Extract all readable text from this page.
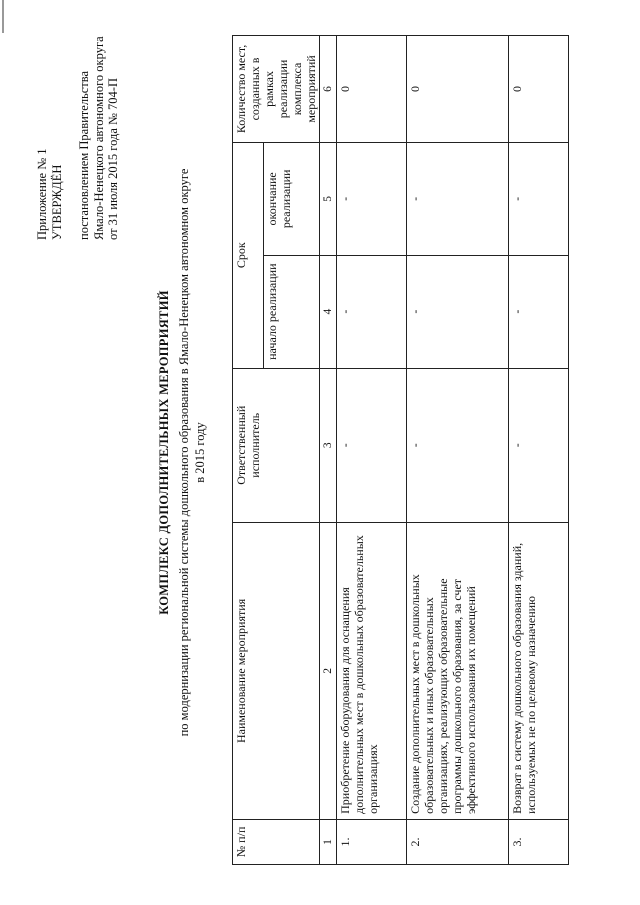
Приложение № 1 УТВЕРЖДЁН постановлением Правительства Ямало-Ненецкого автономного округа от 31 июля 2015 года № 704-П
КОМПЛЕКС ДОПОЛНИТЕЛЬНЫХ МЕРОПРИЯТИЙ по модернизации региональной системы дошкольного образования в Ямало-Ненецком автономном округе в 2015 году
№ п/п	Наименование мероприятия	Ответственный исполнитель	Срок		Количество мест, созданных в рамках реализации комплекса мероприятий
			начало реализации	окончание реализации	
1	2	3	4	5	6
1.	Приобретение оборудования для оснащения дополнительных мест в дошкольных образовательных организациях	-	-	-	0
2.	Создание дополнительных мест в дошкольных образовательных и иных образовательных организациях, реализующих образовательные программы дошкольного образования, за счет эффективного использования их помещений	-	-	-	0
3.	Возврат в систему дошкольного образования зданий, используемых не по целевому назначению	-	-	-	0
